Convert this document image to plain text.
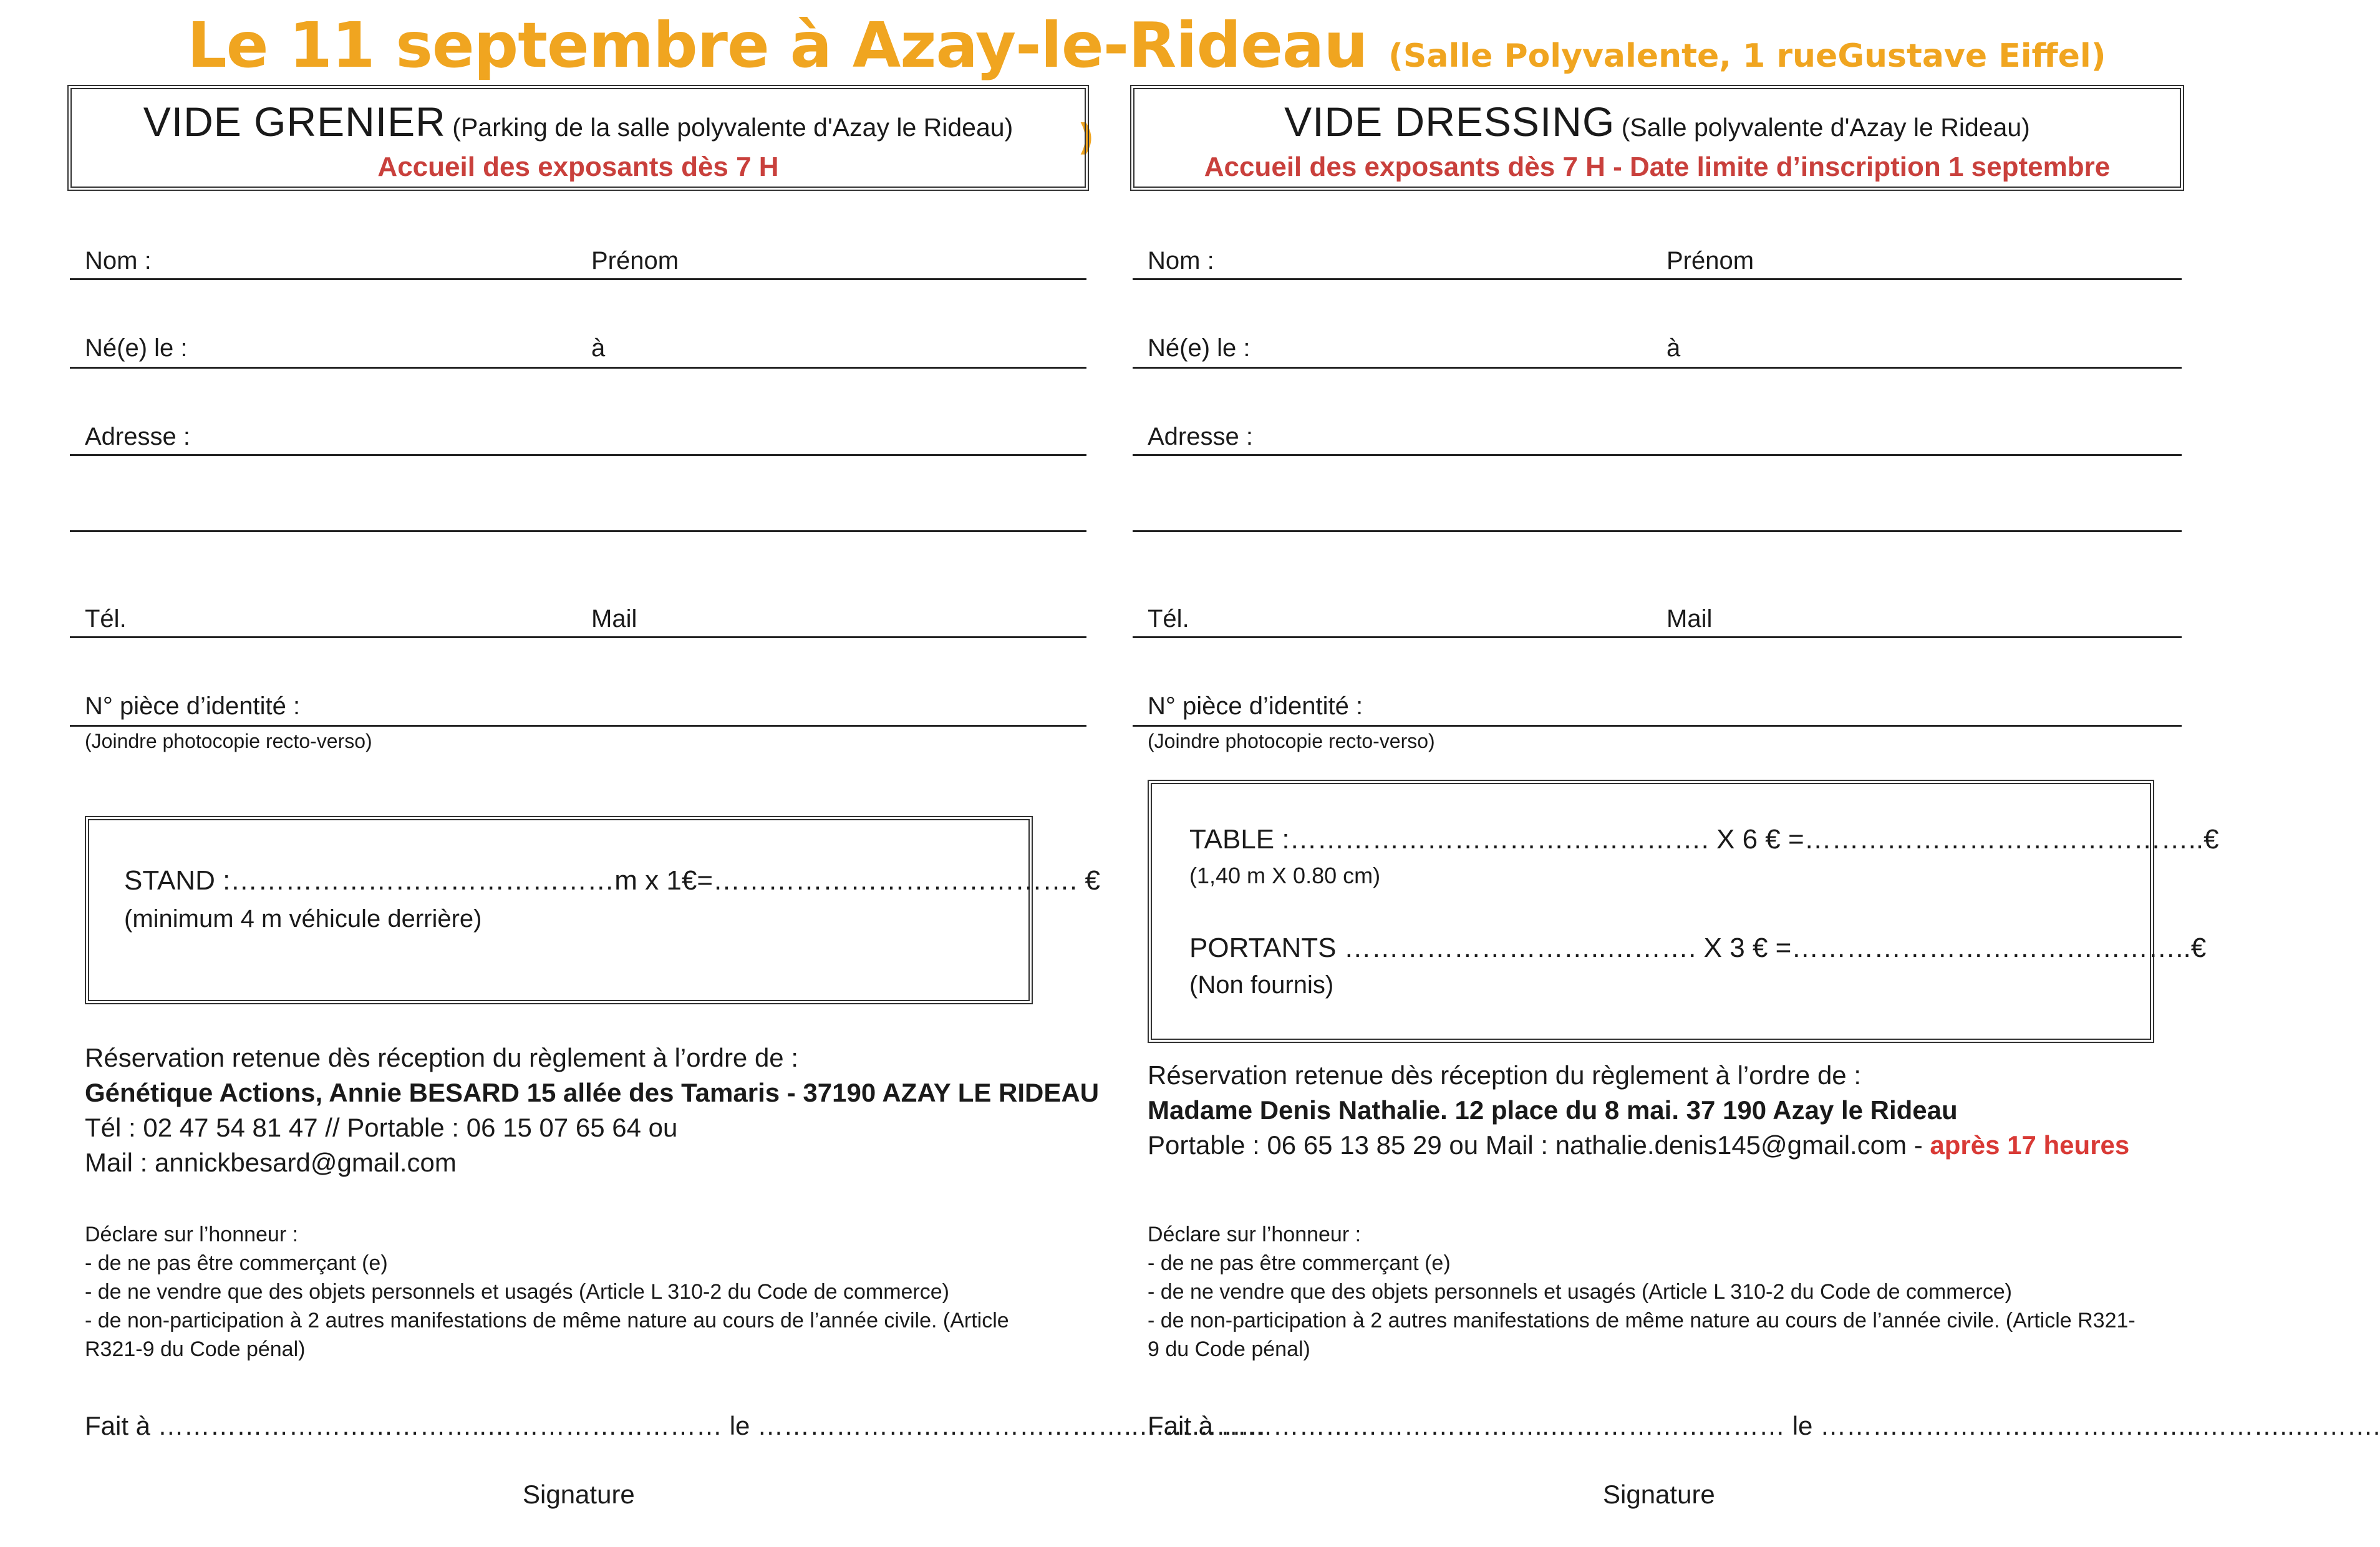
Le 11 septembre à Azay-le-Rideau (Salle Polyvalente, 1 rueGustave Eiffel)
)
VIDE GRENIER (Parking de la salle polyvalente d'Azay le Rideau)
Accueil des exposants dès 7 H
Nom :	Prénom
Né(e) le :	à
Adresse :
Tél.	Mail
N° pièce d’identité :
(Joindre photocopie recto-verso)
STAND :……………………………………m x 1€=…………………………………. €
(minimum 4 m véhicule derrière)
Réservation retenue dès réception du règlement à l’ordre de :
Génétique Actions, Annie BESARD 15 allée des Tamaris - 37190 AZAY LE RIDEAU
Tél : 02 47 54 81 47 // Portable : 06 15 07 65 64 ou
Mail : annickbesard@gmail.com
Déclare sur l’honneur :
- de ne pas être commerçant (e)
- de ne vendre que des objets personnels et usagés (Article L 310-2 du Code de commerce)
- de non-participation à 2 autres manifestations de même nature au cours de l’année civile. (Article
R321-9 du Code pénal)
Fait à ………………………………..……………………… le ……………………………………..………..….
Signature
VIDE DRESSING (Salle polyvalente d'Azay le Rideau)
Accueil des exposants dès 7 H - Date limite d’inscription 1 septembre
Nom :	Prénom
Né(e) le :	à
Adresse :
Tél.	Mail
N° pièce d’identité :
(Joindre photocopie recto-verso)
TABLE :………………………………………. X 6 € =……………………………………..€
(1,40 m X 0.80 cm)
PORTANTS ………………………..………. X 3 € =……………………………………..€
(Non fournis)
Réservation retenue dès réception du règlement à l’ordre de :
Madame Denis Nathalie. 12 place du 8 mai. 37 190 Azay le Rideau
Portable : 06 65 13 85 29 ou Mail : nathalie.denis145@gmail.com - après 17 heures
Déclare sur l’honneur :
- de ne pas être commerçant (e)
- de ne vendre que des objets personnels et usagés (Article L 310-2 du Code de commerce)
- de non-participation à 2 autres manifestations de même nature au cours de l’année civile. (Article R321-
9 du Code pénal)
Fait à ………………………………..……………………… le ……………………………………..………..……….
Signature
